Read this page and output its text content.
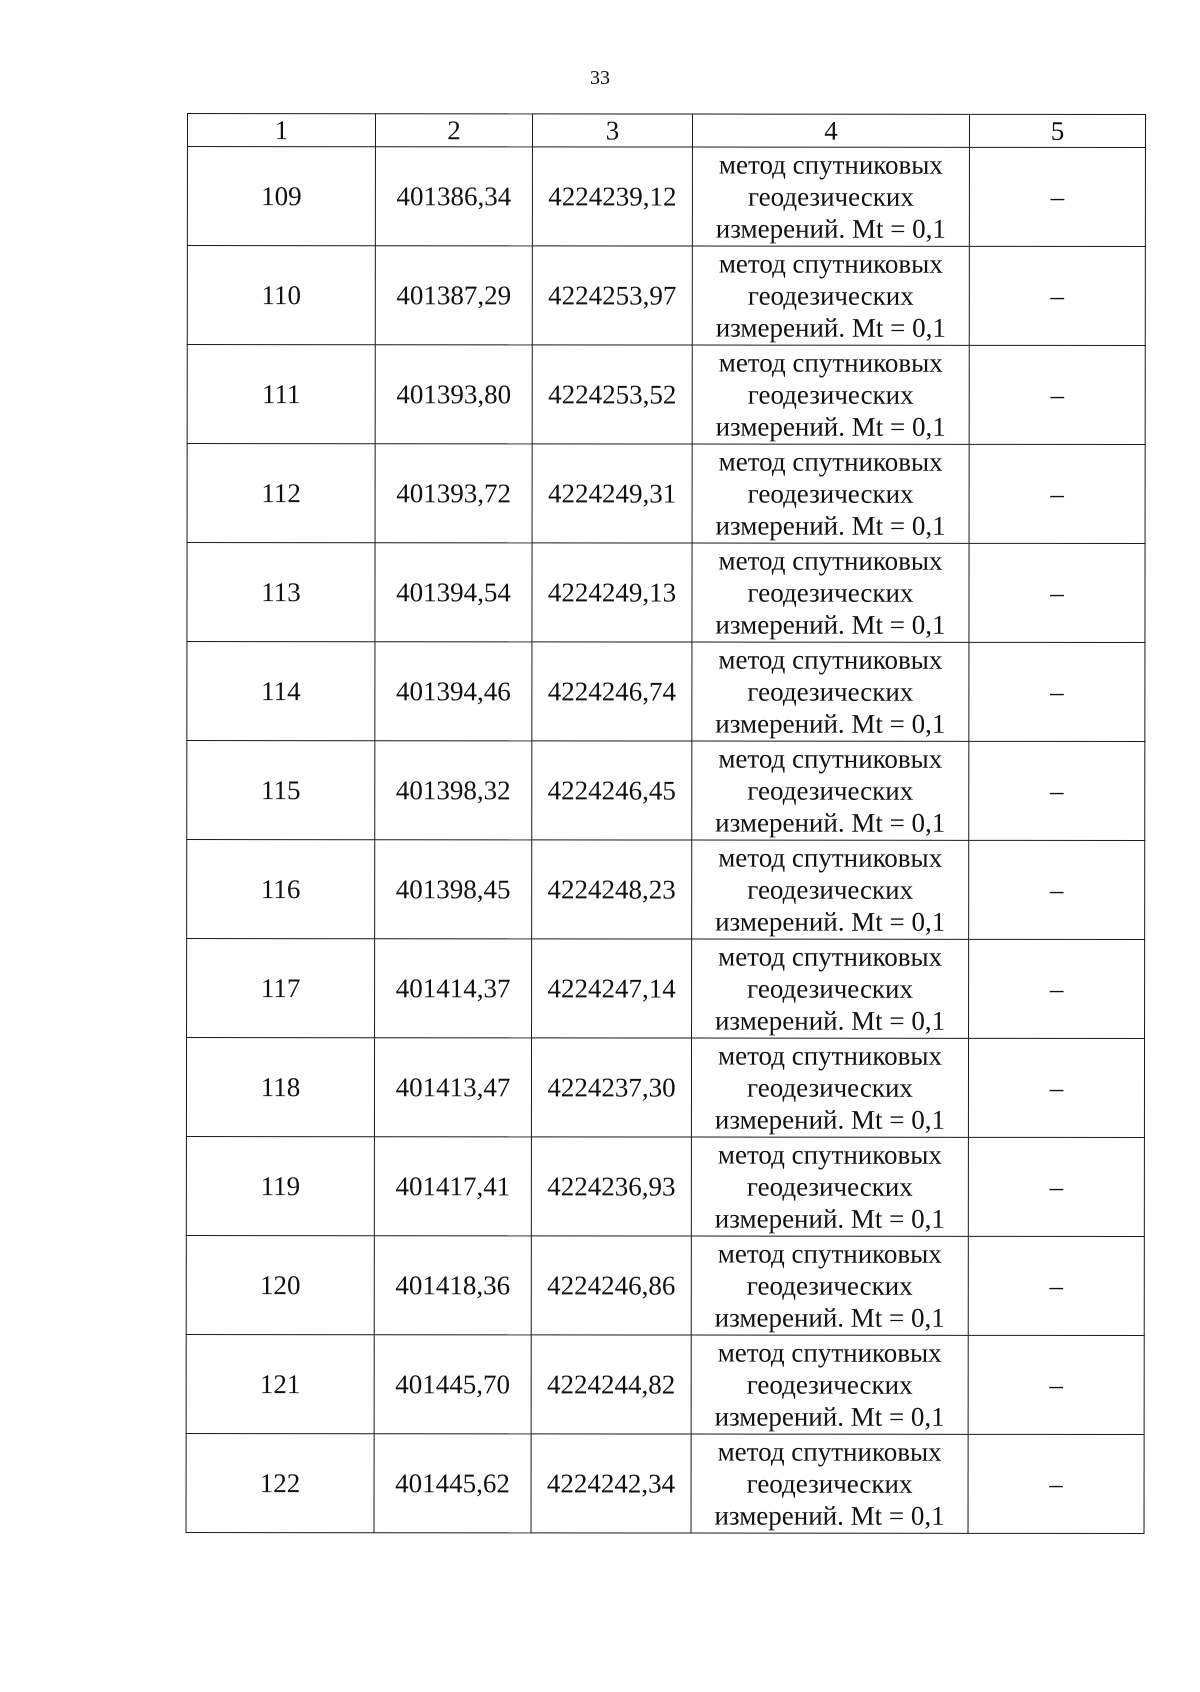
33
1	2	3	4	5
109	401386,34	4224239,12	метод спутниковых
геодезических
измерений. Mt = 0,1	–
110	401387,29	4224253,97	метод спутниковых
геодезических
измерений. Mt = 0,1	–
111	401393,80	4224253,52	метод спутниковых
геодезических
измерений. Mt = 0,1	–
112	401393,72	4224249,31	метод спутниковых
геодезических
измерений. Mt = 0,1	–
113	401394,54	4224249,13	метод спутниковых
геодезических
измерений. Mt = 0,1	–
114	401394,46	4224246,74	метод спутниковых
геодезических
измерений. Mt = 0,1	–
115	401398,32	4224246,45	метод спутниковых
геодезических
измерений. Mt = 0,1	–
116	401398,45	4224248,23	метод спутниковых
геодезических
измерений. Mt = 0,1	–
117	401414,37	4224247,14	метод спутниковых
геодезических
измерений. Mt = 0,1	–
118	401413,47	4224237,30	метод спутниковых
геодезических
измерений. Mt = 0,1	–
119	401417,41	4224236,93	метод спутниковых
геодезических
измерений. Mt = 0,1	–
120	401418,36	4224246,86	метод спутниковых
геодезических
измерений. Mt = 0,1	–
121	401445,70	4224244,82	метод спутниковых
геодезических
измерений. Mt = 0,1	–
122	401445,62	4224242,34	метод спутниковых
геодезических
измерений. Mt = 0,1	–
